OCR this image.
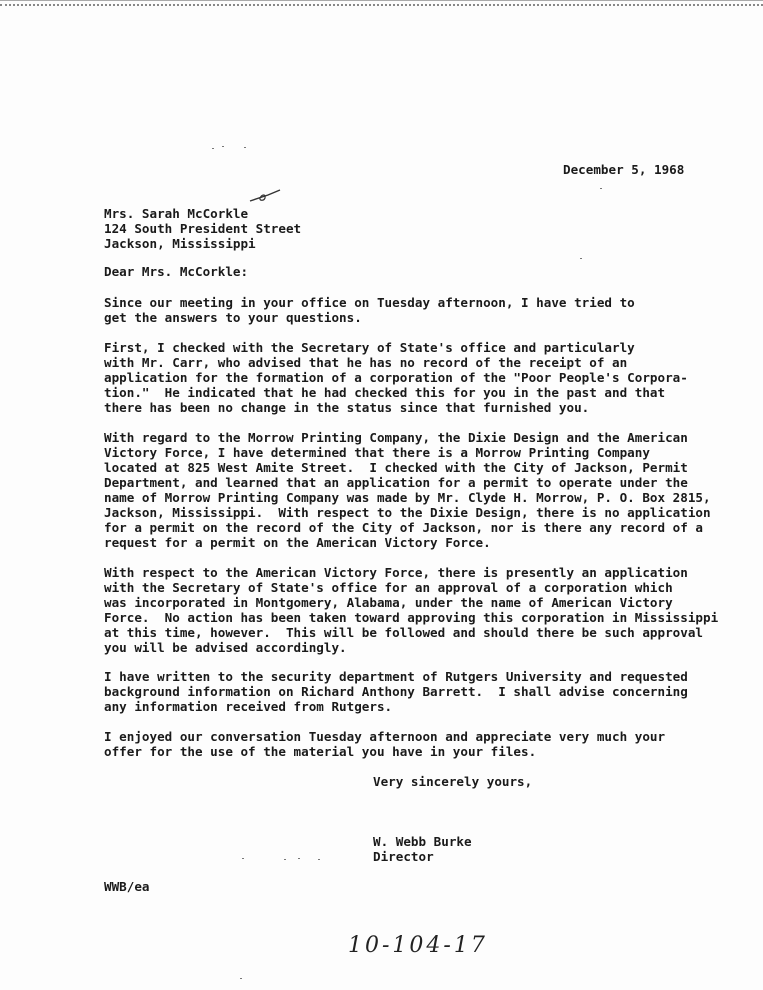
December 5, 1968
Mrs. Sarah McCorkle
124 South President Street
Jackson, Mississippi
Dear Mrs. McCorkle:
Since our meeting in your office on Tuesday afternoon, I have tried to
get the answers to your questions.
First, I checked with the Secretary of State's office and particularly
with Mr. Carr, who advised that he has no record of the receipt of an
application for the formation of a corporation of the "Poor People's Corpora-
tion."  He indicated that he had checked this for you in the past and that
there has been no change in the status since that furnished you.
With regard to the Morrow Printing Company, the Dixie Design and the American
Victory Force, I have determined that there is a Morrow Printing Company
located at 825 West Amite Street.  I checked with the City of Jackson, Permit
Department, and learned that an application for a permit to operate under the
name of Morrow Printing Company was made by Mr. Clyde H. Morrow, P. O. Box 2815,
Jackson, Mississippi.  With respect to the Dixie Design, there is no application
for a permit on the record of the City of Jackson, nor is there any record of a
request for a permit on the American Victory Force.
With respect to the American Victory Force, there is presently an application
with the Secretary of State's office for an approval of a corporation which
was incorporated in Montgomery, Alabama, under the name of American Victory
Force.  No action has been taken toward approving this corporation in Mississippi
at this time, however.  This will be followed and should there be such approval
you will be advised accordingly.
I have written to the security department of Rutgers University and requested
background information on Richard Anthony Barrett.  I shall advise concerning
any information received from Rutgers.
I enjoyed our conversation Tuesday afternoon and appreciate very much your
offer for the use of the material you have in your files.
Very sincerely yours,
W. Webb Burke
Director
WWB/ea
10-104-17
